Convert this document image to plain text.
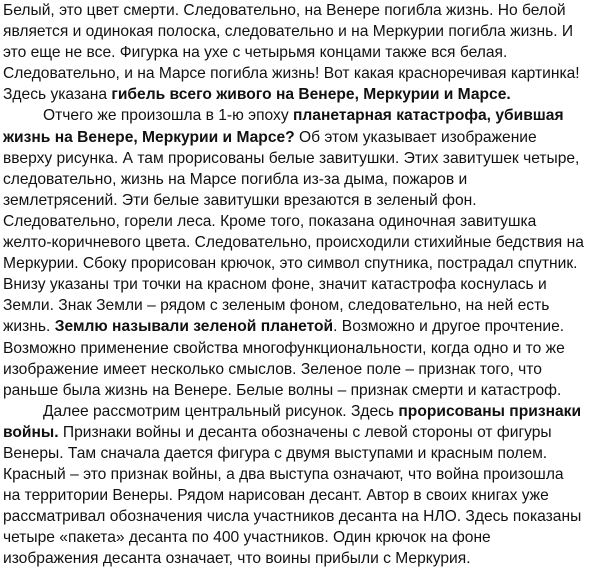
Белый, это цвет смерти. Следовательно, на Венере погибла жизнь. Но белой является и одинокая полоска, следовательно и на Меркурии погибла жизнь. И это еще не все. Фигурка на ухе с четырьмя концами также вся белая. Следовательно, и на Марсе погибла жизнь! Вот какая красноречивая картинка! Здесь указана гибель всего живого на Венере, Меркурии и Марсе.

Отчего же произошла в 1-ю эпоху планетарная катастрофа, убившая жизнь на Венере, Меркурии и Марсе? Об этом указывает изображение вверху рисунка. А там прорисованы белые завитушки. Этих завитушек четыре, следовательно, жизнь на Марсе погибла из-за дыма, пожаров и землетрясений. Эти белые завитушки врезаются в зеленый фон. Следовательно, горели леса. Кроме того, показана одиночная завитушка желто-коричневого цвета. Следовательно, происходили стихийные бедствия на Меркурии. Сбоку прорисован крючок, это символ спутника, пострадал спутник. Внизу указаны три точки на красном фоне, значит катастрофа коснулась и Земли. Знак Земли – рядом с зеленым фоном, следовательно, на ней есть жизнь. Землю называли зеленой планетой. Возможно и другое прочтение. Возможно применение свойства многофункциональности, когда одно и то же изображение имеет несколько смыслов. Зеленое поле – признак того, что раньше была жизнь на Венере. Белые волны – признак смерти и катастроф.

Далее рассмотрим центральный рисунок. Здесь прорисованы признаки войны. Признаки войны и десанта обозначены с левой стороны от фигуры Венеры. Там сначала дается фигура с двумя выступами и красным полем. Красный – это признак войны, а два выступа означают, что война произошла на территории Венеры. Рядом нарисован десант. Автор в своих книгах уже рассматривал обозначения числа участников десанта на НЛО. Здесь показаны четыре «пакета» десанта по 400 участников. Один крючок на фоне изображения десанта означает, что воины прибыли с Меркурия.
